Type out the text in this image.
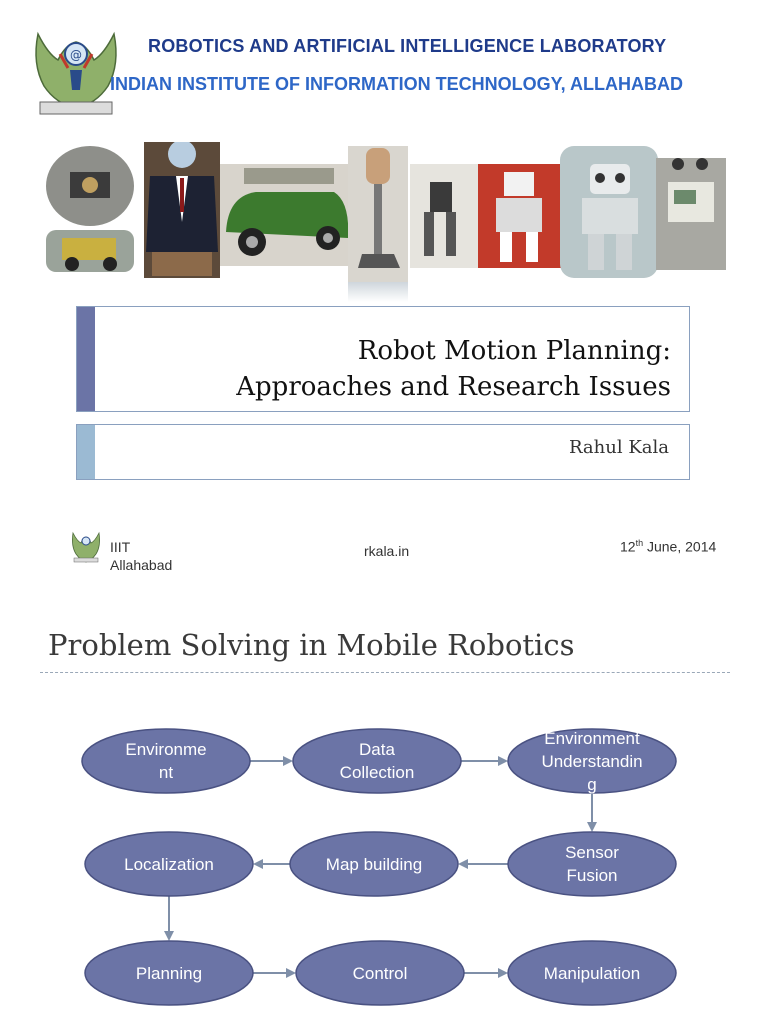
@	ROBOTICS AND ARTIFICIAL INTELLIGENCE LABORATORY
INDIAN INSTITUTE OF INFORMATION TECHNOLOGY, ALLAHABAD
Robot Motion Planning:
Approaches and Research Issues
Rahul Kala
IIIT
Allahabad
rkala.in	12th June, 2014
Problem Solving in Mobile Robotics
Environme
nt
Data
Collection
Environment
Understandin
g
Sensor
Fusion
Map building
Localization
Planning	Control	Manipulation
